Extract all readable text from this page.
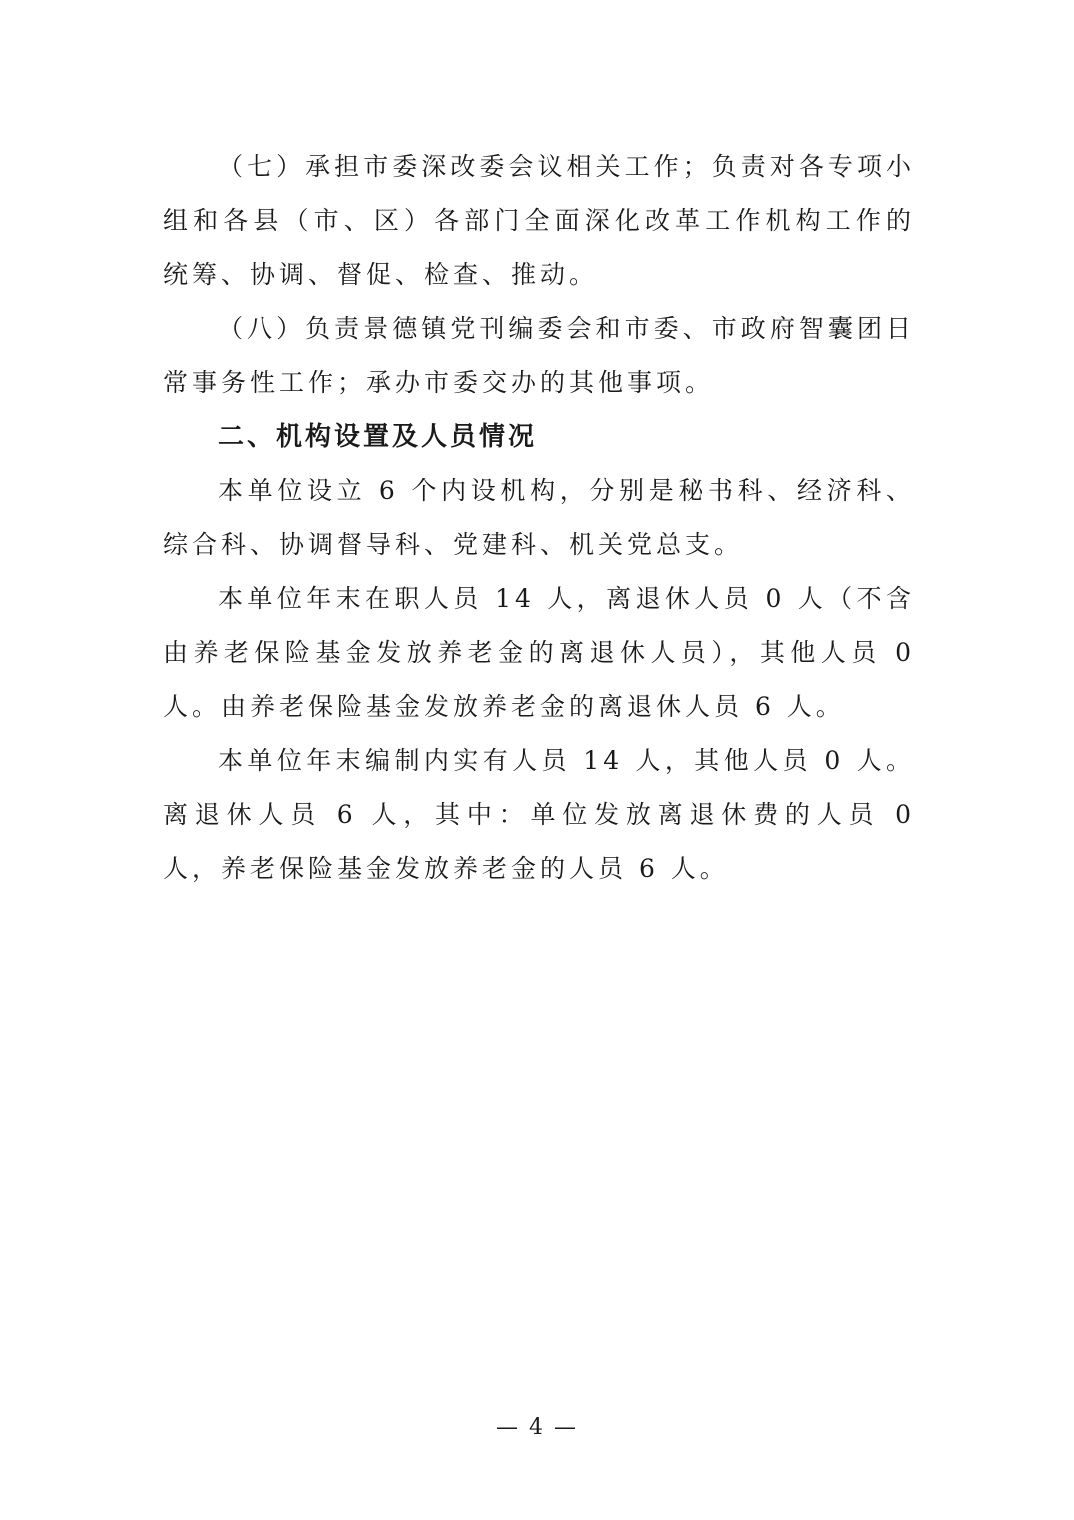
（七）承担市委深改委会议相关工作；负责对各专项小组和各县（市、区）各部门全面深化改革工作机构工作的统筹、协调、督促、检查、推动。

（八）负责景德镇党刊编委会和市委、市政府智囊团日常事务性工作；承办市委交办的其他事项。

二、机构设置及人员情况

本单位设立 6 个内设机构，分别是秘书科、经济科、综合科、协调督导科、党建科、机关党总支。

本单位年末在职人员 14 人，离退休人员 0 人（不含由养老保险基金发放养老金的离退休人员），其他人员 0 人。由养老保险基金发放养老金的离退休人员 6 人。

本单位年末编制内实有人员 14 人，其他人员 0 人。离退休人员 6 人，其中：单位发放离退休费的人员 0 人，养老保险基金发放养老金的人员 6 人。

— 4 —
